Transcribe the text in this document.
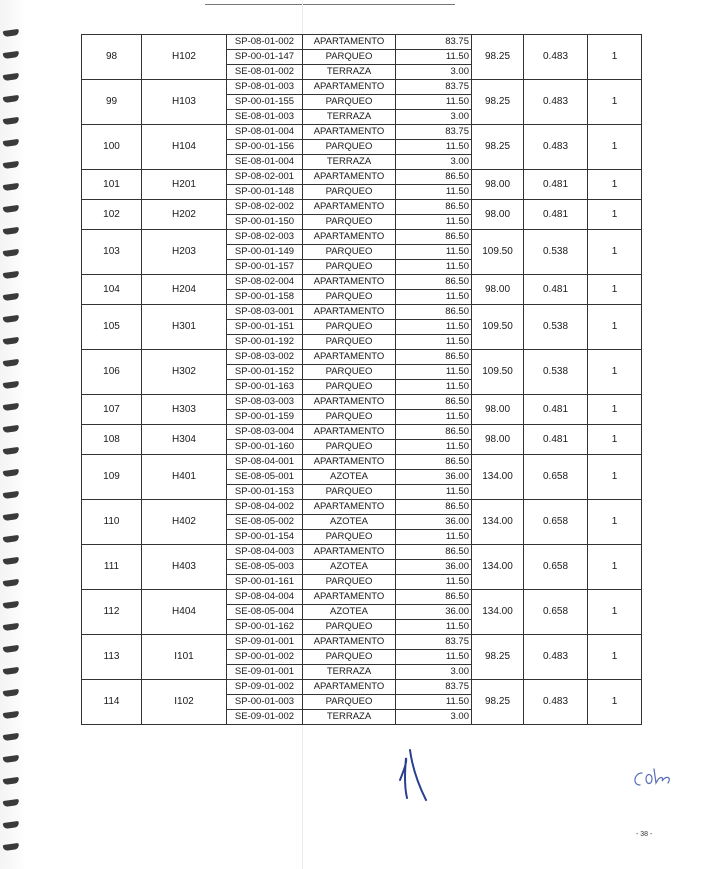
98	H102	SP-08-01-002	APARTAMENTO	83.75	98.25	0.483	1
		SP-00-01-147	PARQUEO	11.50			
		SE-08-01-002	TERRAZA	3.00			
99	H103	SP-08-01-003	APARTAMENTO	83.75	98.25	0.483	1
		SP-00-01-155	PARQUEO	11.50			
		SE-08-01-003	TERRAZA	3.00			
100	H104	SP-08-01-004	APARTAMENTO	83.75	98.25	0.483	1
		SP-00-01-156	PARQUEO	11.50			
		SE-08-01-004	TERRAZA	3.00			
101	H201	SP-08-02-001	APARTAMENTO	86.50	98.00	0.481	1
		SP-00-01-148	PARQUEO	11.50			
102	H202	SP-08-02-002	APARTAMENTO	86.50	98.00	0.481	1
		SP-00-01-150	PARQUEO	11.50			
103	H203	SP-08-02-003	APARTAMENTO	86.50	109.50	0.538	1
		SP-00-01-149	PARQUEO	11.50			
		SP-00-01-157	PARQUEO	11.50			
104	H204	SP-08-02-004	APARTAMENTO	86.50	98.00	0.481	1
		SP-00-01-158	PARQUEO	11.50			
105	H301	SP-08-03-001	APARTAMENTO	86.50	109.50	0.538	1
		SP-00-01-151	PARQUEO	11.50			
		SP-00-01-192	PARQUEO	11.50			
106	H302	SP-08-03-002	APARTAMENTO	86.50	109.50	0.538	1
		SP-00-01-152	PARQUEO	11.50			
		SP-00-01-163	PARQUEO	11.50			
107	H303	SP-08-03-003	APARTAMENTO	86.50	98.00	0.481	1
		SP-00-01-159	PARQUEO	11.50			
108	H304	SP-08-03-004	APARTAMENTO	86.50	98.00	0.481	1
		SP-00-01-160	PARQUEO	11.50			
109	H401	SP-08-04-001	APARTAMENTO	86.50	134.00	0.658	1
		SE-08-05-001	AZOTEA	36.00			
		SP-00-01-153	PARQUEO	11.50			
110	H402	SP-08-04-002	APARTAMENTO	86.50	134.00	0.658	1
		SE-08-05-002	AZOTEA	36.00			
		SP-00-01-154	PARQUEO	11.50			
111	H403	SP-08-04-003	APARTAMENTO	86.50	134.00	0.658	1
		SE-08-05-003	AZOTEA	36.00			
		SP-00-01-161	PARQUEO	11.50			
112	H404	SP-08-04-004	APARTAMENTO	86.50	134.00	0.658	1
		SE-08-05-004	AZOTEA	36.00			
		SP-00-01-162	PARQUEO	11.50			
113	I101	SP-09-01-001	APARTAMENTO	83.75	98.25	0.483	1
		SP-00-01-002	PARQUEO	11.50			
		SE-09-01-001	TERRAZA	3.00			
114	I102	SP-09-01-002	APARTAMENTO	83.75	98.25	0.483	1
		SP-00-01-003	PARQUEO	11.50			
		SE-09-01-002	TERRAZA	3.00			
- 38 -
